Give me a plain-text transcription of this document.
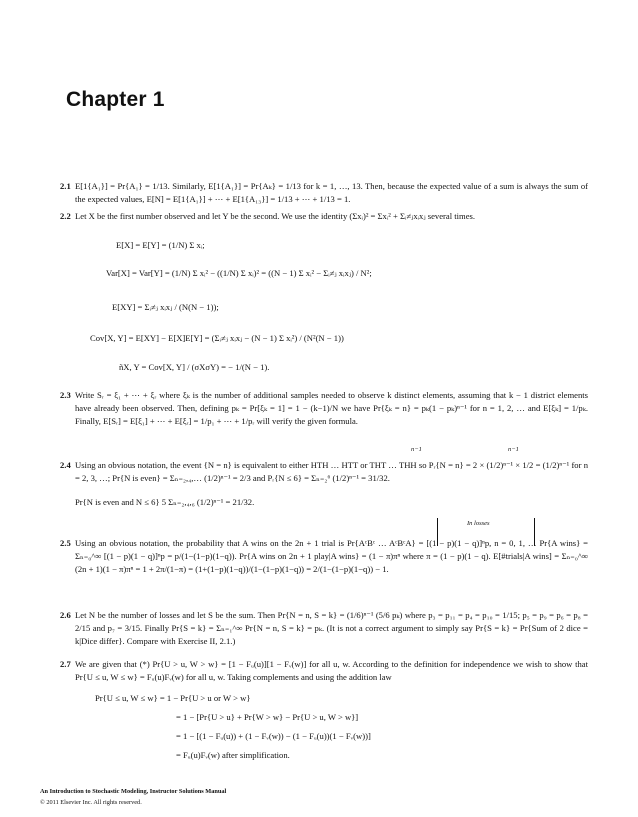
Chapter 1
2.1 E[1{A₁}] = Pr{A₁} = 1/13. Similarly, E[1{A₁}] = Pr{Aₖ} = 1/13 for k = 1, …, 13. Then, because the expected value of a sum is always the sum of the expected values, E[N] = E[1{A₁}] + ⋯ + E[1{A₁₃}] = 1/13 + ⋯ + 1/13 = 1.
2.2 Let X be the first number observed and let Y be the second. We use the identity (Σxᵢ)² = Σxᵢ² + Σᵢ≠ⱼxᵢxⱼ several times.
E[X] = E[Y] = (1/N) Σ xᵢ;
Var[X] = Var[Y] = (1/N) Σ xᵢ² − ((1/N) Σ xᵢ)² = ((N − 1) Σ xᵢ² − Σᵢ≠ⱼ xᵢxⱼ) / N²;
E[XY] = Σᵢ≠ⱼ xᵢxⱼ / (N(N − 1));
Cov[X, Y] = E[XY] − E[X]E[Y] = (Σᵢ≠ⱼ xᵢxⱼ − (N − 1) Σ xᵢ²) / (N²(N − 1))
ñX, Y = Cov[X, Y] / (σXσY) = − 1/(N − 1).
2.3 Write Sᵣ = ξ₁ + ⋯ + ξᵣ where ξₖ is the number of additional samples needed to observe k distinct elements, assuming that k − 1 district elements have already been observed. Then, defining pₖ = Pr[ξₖ = 1] = 1 − (k−1)/N we have Pr{ξₖ = n} = pₖ(1 − pₖ)ⁿ⁻¹ for n = 1, 2, … and E[ξₖ] = 1/pₖ. Finally, E[Sᵣ] = E[ξ₁] + ⋯ + E[ξᵣ] = 1/p₁ + ⋯ + 1/pᵣ will verify the given formula.
n−1	n−1
2.4 Using an obvious notation, the event {N = n} is equivalent to either HTH … HTT or THT … THH so Pᵣ{N = n} = 2 × (1/2)ⁿ⁻¹ × 1/2 = (1/2)ⁿ⁻¹ for n = 2, 3, …; Pr{N is even} = Σₙ₌₂,₄,… (1/2)ⁿ⁻¹ = 2/3 and Pᵣ{N ≤ 6} = Σₙ₌₂⁶ (1/2)ⁿ⁻¹ = 31/32.
Pr{N is even and N ≤ 6} 5 Σₙ₌₂,₄,₆ (1/2)ⁿ⁻¹ = 21/32.
In losses
2.5 Using an obvious notation, the probability that A wins on the 2n + 1 trial is Pr{AᶜBᶜ … AᶜBᶜA} = [(1 − p)(1 − q)]ⁿp, n = 0, 1, … Pr{A wins} = Σₙ₌₀^∞ [(1 − p)(1 − q)]ⁿp = p/(1−(1−p)(1−q)). Pr{A wins on 2n + 1 play|A wins} = (1 − π)πⁿ where π = (1 − p)(1 − q). E[#trials|A wins] = Σₙ₌₀^∞ (2n + 1)(1 − π)πⁿ = 1 + 2π/(1−π) = (1+(1−p)(1−q))/(1−(1−p)(1−q)) = 2/(1−(1−p)(1−q)) − 1.
2.6 Let N be the number of losses and let S be the sum. Then Pr{N = n, S = k} = (1/6)ⁿ⁻¹ (5/6 pₖ) where p₃ = p₁₁ = p₄ = p₁₀ = 1/15; p₅ = p₉ = p₆ = p₈ = 2/15 and p₇ = 3/15. Finally Pr{S = k} = Σₙ₌₁^∞ Pr{N = n, S = k} = pₖ. (It is not a correct argument to simply say Pr{S = k} = Pr{Sum of 2 dice = k|Dice differ}. Compare with Exercise II, 2.1.)
2.7 We are given that (*) Pr{U > u, W > w} = [1 − Fᵤ(u)][1 − Fᵥ(w)] for all u, w. According to the definition for independence we wish to show that Pr{U ≤ u, W ≤ w} = Fᵤ(u)Fᵥ(w) for all u, w. Taking complements and using the addition law
Pr{U ≤ u, W ≤ w} = 1 − Pr{U > u or W > w}
= 1 − [Pr{U > u} + Pr{W > w} − Pr{U > u, W > w}]
= 1 − [(1 − Fᵤ(u)) + (1 − Fᵥ(w)) − (1 − Fᵤ(u))(1 − Fᵥ(w))]
= Fᵤ(u)Fᵥ(w) after simplification.
An Introduction to Stochastic Modeling, Instructor Solutions Manual
© 2011 Elsevier Inc. All rights reserved.
